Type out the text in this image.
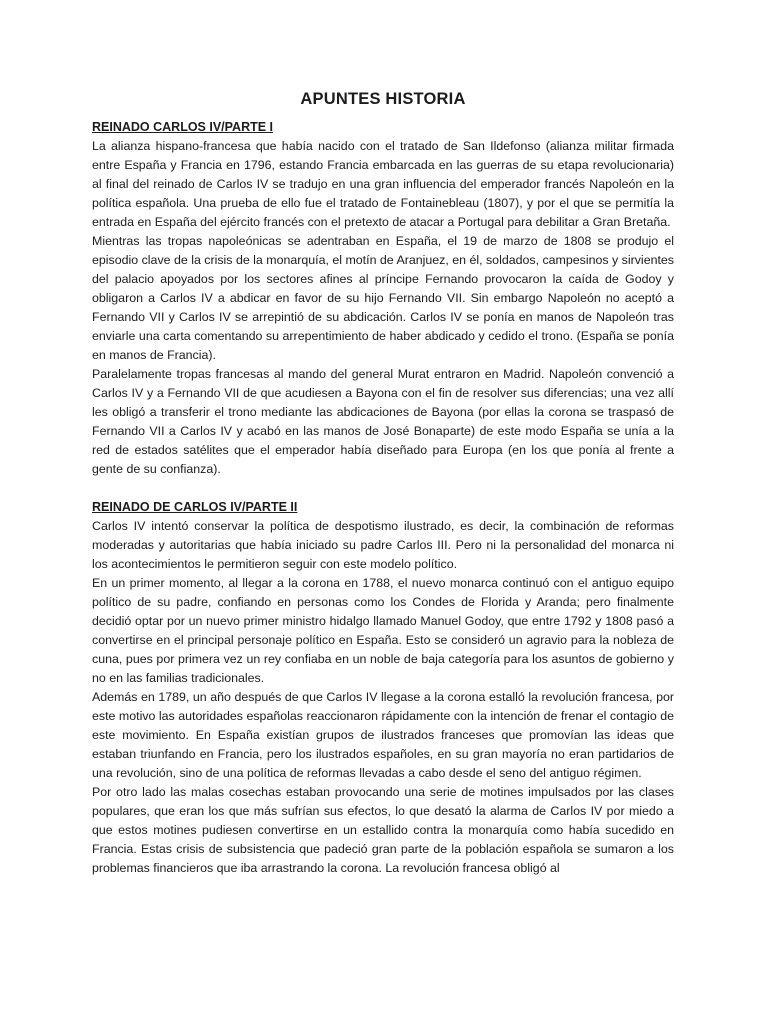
APUNTES HISTORIA
REINADO CARLOS IV/PARTE I

La alianza hispano-francesa que había nacido con el tratado de San Ildefonso (alianza militar firmada entre España y Francia en 1796, estando Francia embarcada en las guerras de su etapa revolucionaria) al final del reinado de Carlos IV se tradujo en una gran influencia del emperador francés Napoleón en la política española. Una prueba de ello fue el tratado de Fontainebleau (1807), y por el que se permitía la entrada en España del ejército francés con el pretexto de atacar a Portugal para debilitar a Gran Bretaña.

Mientras las tropas napoleónicas se adentraban en España, el 19 de marzo de 1808 se produjo el episodio clave de la crisis de la monarquía, el motín de Aranjuez, en él, soldados, campesinos y sirvientes del palacio apoyados por los sectores afines al príncipe Fernando provocaron la caída de Godoy y obligaron a Carlos IV a abdicar en favor de su hijo Fernando VII. Sin embargo Napoleón no aceptó a Fernando VII y Carlos IV se arrepintió de su abdicación. Carlos IV se ponía en manos de Napoleón tras enviarle una carta comentando su arrepentimiento de haber abdicado y cedido el trono. (España se ponía en manos de Francia).

Paralelamente tropas francesas al mando del general Murat entraron en Madrid. Napoleón convenció a Carlos IV y a Fernando VII de que acudiesen a Bayona con el fin de resolver sus diferencias; una vez allí les obligó a transferir el trono mediante las abdicaciones de Bayona (por ellas la corona se traspasó de Fernando VII a Carlos IV y acabó en las manos de José Bonaparte) de este modo España se unía a la red de estados satélites que el emperador había diseñado para Europa (en los que ponía al frente a gente de su confianza).

REINADO DE CARLOS IV/PARTE II

Carlos IV intentó conservar la política de despotismo ilustrado, es decir, la combinación de reformas moderadas y autoritarias que había iniciado su padre Carlos III. Pero ni la personalidad del monarca ni los acontecimientos le permitieron seguir con este modelo político.

En un primer momento, al llegar a la corona en 1788, el nuevo monarca continuó con el antiguo equipo político de su padre, confiando en personas como los Condes de Florida y Aranda; pero finalmente decidió optar por un nuevo primer ministro hidalgo llamado Manuel Godoy, que entre 1792 y 1808 pasó a convertirse en el principal personaje político en España. Esto se consideró un agravio para la nobleza de cuna, pues por primera vez un rey confiaba en un noble de baja categoría para los asuntos de gobierno y no en las familias tradicionales.

Además en 1789, un año después de que Carlos IV llegase a la corona estalló la revolución francesa, por este motivo las autoridades españolas reaccionaron rápidamente con la intención de frenar el contagio de este movimiento. En España existían grupos de ilustrados franceses que promovían las ideas que estaban triunfando en Francia, pero los ilustrados españoles, en su gran mayoría no eran partidarios de una revolución, sino de una política de reformas llevadas a cabo desde el seno del antiguo régimen.

Por otro lado las malas cosechas estaban provocando una serie de motines impulsados por las clases populares, que eran los que más sufrían sus efectos, lo que desató la alarma de Carlos IV por miedo a que estos motines pudiesen convertirse en un estallido contra la monarquía como había sucedido en Francia. Estas crisis de subsistencia que padeció gran parte de la población española se sumaron a los problemas financieros que iba arrastrando la corona. La revolución francesa obligó al
